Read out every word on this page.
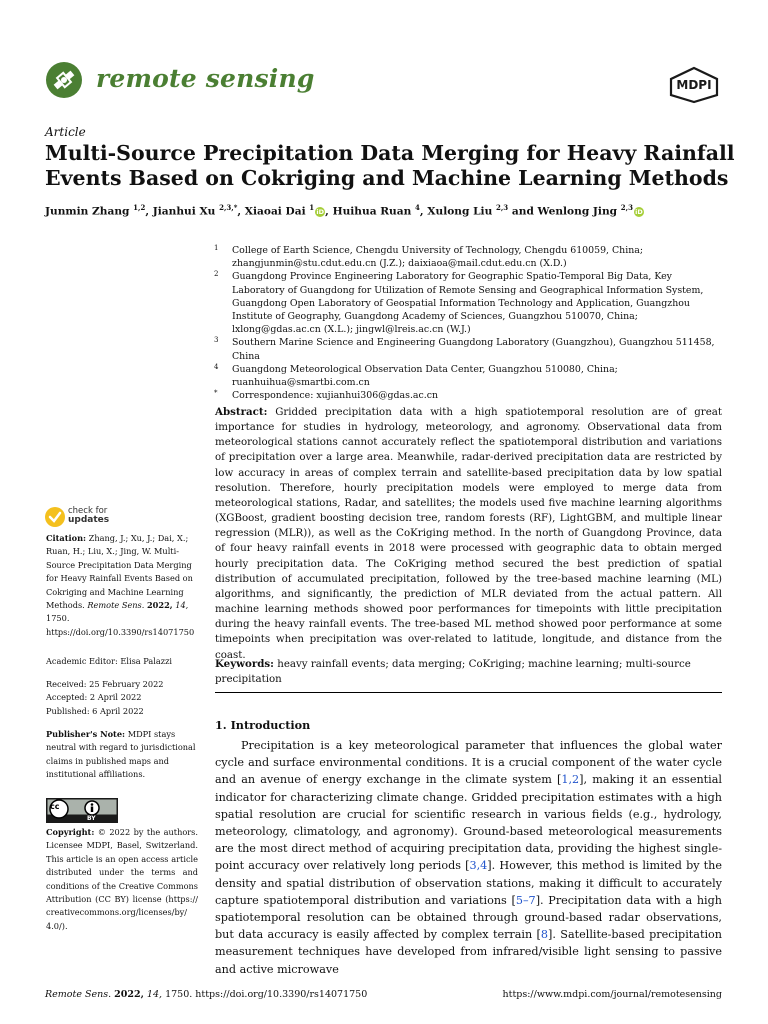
remote sensing	MDPI
Article
Multi-Source Precipitation Data Merging for Heavy Rainfall Events Based on Cokriging and Machine Learning Methods
Junmin Zhang $^{1,2}$, Jianhui Xu $^{2,3,*}$, Xiaoai Dai $^1$ iD, Huihua Ruan $^4$, Xulong Liu $^{2,3}$ and Wenlong Jing $^{2,3}$ iD
1 College of Earth Science, Chengdu University of Technology, Chengdu 610059, China; zhangjunmin@stu.cdut.edu.cn (J.Z.); daixiaoa@mail.cdut.edu.cn (X.D.)
2 Guangdong Province Engineering Laboratory for Geographic Spatio-Temporal Big Data, Key Laboratory of Guangdong for Utilization of Remote Sensing and Geographical Information System, Guangdong Open Laboratory of Geospatial Information Technology and Application, Guangzhou Institute of Geography, Guangdong Academy of Sciences, Guangzhou 510070, China; lxlong@gdas.ac.cn (X.L.); jingwl@lreis.ac.cn (W.J.)
3 Southern Marine Science and Engineering Guangdong Laboratory (Guangzhou), Guangzhou 511458, China
4 Guangdong Meteorological Observation Data Center, Guangzhou 510080, China; ruanhuihua@smartbi.com.cn
* Correspondence: xujianhui306@gdas.ac.cn
check for
updates
Citation: Zhang, J.; Xu, J.; Dai, X.; Ruan, H.; Liu, X.; Jing, W. Multi-Source Precipitation Data Merging for Heavy Rainfall Events Based on Cokriging and Machine Learning Methods. Remote Sens. 2022, 14, 1750. https://doi.org/10.3390/rs14071750
Academic Editor: Elisa Palazzi
Received: 25 February 2022
Accepted: 2 April 2022
Published: 6 April 2022
Publisher's Note: MDPI stays neutral with regard to jurisdictional claims in published maps and institutional affiliations.
cc
BY
Copyright: © 2022 by the authors. Licensee MDPI, Basel, Switzerland. This article is an open access article distributed under the terms and conditions of the Creative Commons Attribution (CC BY) license (https:// creativecommons.org/licenses/by/ 4.0/).
Abstract: Gridded precipitation data with a high spatiotemporal resolution are of great importance for studies in hydrology, meteorology, and agronomy. Observational data from meteorological stations cannot accurately reflect the spatiotemporal distribution and variations of precipitation over a large area. Meanwhile, radar-derived precipitation data are restricted by low accuracy in areas of complex terrain and satellite-based precipitation data by low spatial resolution. Therefore, hourly precipitation models were employed to merge data from meteorological stations, Radar, and satellites; the models used five machine learning algorithms (XGBoost, gradient boosting decision tree, random forests (RF), LightGBM, and multiple linear regression (MLR)), as well as the CoKriging method. In the north of Guangdong Province, data of four heavy rainfall events in 2018 were processed with geographic data to obtain merged hourly precipitation data. The CoKriging method secured the best prediction of spatial distribution of accumulated precipitation, followed by the tree-based machine learning (ML) algorithms, and significantly, the prediction of MLR deviated from the actual pattern. All machine learning methods showed poor performances for timepoints with little precipitation during the heavy rainfall events. The tree-based ML method showed poor performance at some timepoints when precipitation was over-related to latitude, longitude, and distance from the coast.
Keywords: heavy rainfall events; data merging; CoKriging; machine learning; multi-source precipitation
1. Introduction
Precipitation is a key meteorological parameter that influences the global water cycle and surface environmental conditions. It is a crucial component of the water cycle and an avenue of energy exchange in the climate system [1,2], making it an essential indicator for characterizing climate change. Gridded precipitation estimates with a high spatial resolution are crucial for scientific research in various fields (e.g., hydrology, meteorology, climatology, and agronomy). Ground-based meteorological measurements are the most direct method of acquiring precipitation data, providing the highest single-point accuracy over relatively long periods [3,4]. However, this method is limited by the density and spatial distribution of observation stations, making it difficult to accurately capture spatiotemporal distribution and variations [5–7]. Precipitation data with a high spatiotemporal resolution can be obtained through ground-based radar observations, but data accuracy is easily affected by complex terrain [8]. Satellite-based precipitation measurement techniques have developed from infrared/visible light sensing to passive and active microwave
Remote Sens. 2022, 14, 1750. https://doi.org/10.3390/rs14071750	https://www.mdpi.com/journal/remotesensing
